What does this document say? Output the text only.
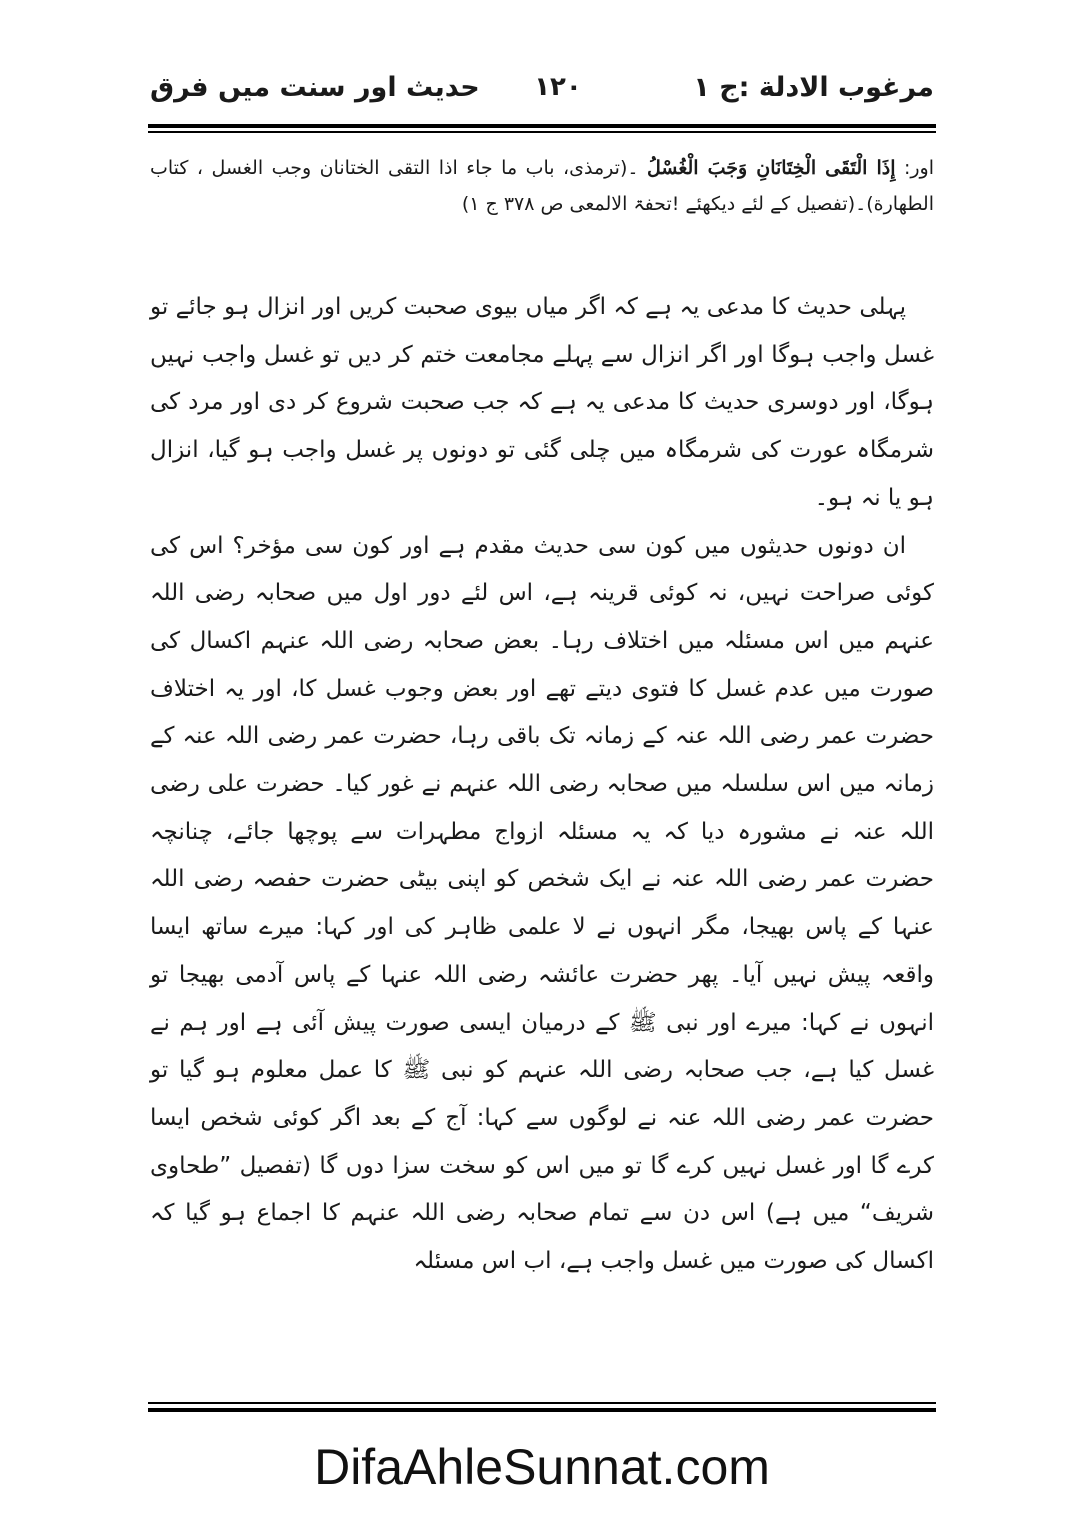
مرغوب الادلة :ج ۱
۱۲۰
حدیث اور سنت میں فرق
اور: إِذَا الْتَقَى الْخِتَانَانِ وَجَبَ الْغُسْلُ ۔(ترمذی، باب ما جاء اذا التقى الختانان وجب الغسل ، کتاب الطهارة)۔(تفصیل کے لئے دیکھئے !تحفۃ الالمعی ص ۳۷۸ ج ۱)

پہلی حدیث کا مدعی یہ ہے کہ اگر میاں بیوی صحبت کریں اور انزال ہو جائے تو غسل واجب ہوگا اور اگر انزال سے پہلے مجامعت ختم کر دیں تو غسل واجب نہیں ہوگا، اور دوسری حدیث کا مدعی یہ ہے کہ جب صحبت شروع کر دی اور مرد کی شرمگاہ عورت کی شرمگاہ میں چلی گئی تو دونوں پر غسل واجب ہو گیا، انزال ہو یا نہ ہو۔

ان دونوں حدیثوں میں کون سی حدیث مقدم ہے اور کون سی مؤخر؟ اس کی کوئی صراحت نہیں، نہ کوئی قرینہ ہے، اس لئے دور اول میں صحابہ رضی اللہ عنہم میں اس مسئلہ میں اختلاف رہا۔ بعض صحابہ رضی اللہ عنہم اکسال کی صورت میں عدم غسل کا فتوی دیتے تھے اور بعض وجوب غسل کا، اور یہ اختلاف حضرت عمر رضی اللہ عنہ کے زمانہ تک باقی رہا، حضرت عمر رضی اللہ عنہ کے زمانہ میں اس سلسلہ میں صحابہ رضی اللہ عنہم نے غور کیا۔ حضرت علی رضی اللہ عنہ نے مشورہ دیا کہ یہ مسئلہ ازواج مطہرات سے پوچھا جائے، چنانچہ حضرت عمر رضی اللہ عنہ نے ایک شخص کو اپنی بیٹی حضرت حفصہ رضی اللہ عنہا کے پاس بھیجا، مگر انہوں نے لا علمی ظاہر کی اور کہا: میرے ساتھ ایسا واقعہ پیش نہیں آیا۔ پھر حضرت عائشہ رضی اللہ عنہا کے پاس آدمی بھیجا تو انہوں نے کہا: میرے اور نبی ﷺ کے درمیان ایسی صورت پیش آئی ہے اور ہم نے غسل کیا ہے، جب صحابہ رضی اللہ عنہم کو نبی ﷺ کا عمل معلوم ہو گیا تو حضرت عمر رضی اللہ عنہ نے لوگوں سے کہا: آج کے بعد اگر کوئی شخص ایسا کرے گا اور غسل نہیں کرے گا تو میں اس کو سخت سزا دوں گا (تفصیل ”طحاوی شریف“ میں ہے) اس دن سے تمام صحابہ رضی اللہ عنہم کا اجماع ہو گیا کہ اکسال کی صورت میں غسل واجب ہے، اب اس مسئلہ

DifaAhleSunnat.com
